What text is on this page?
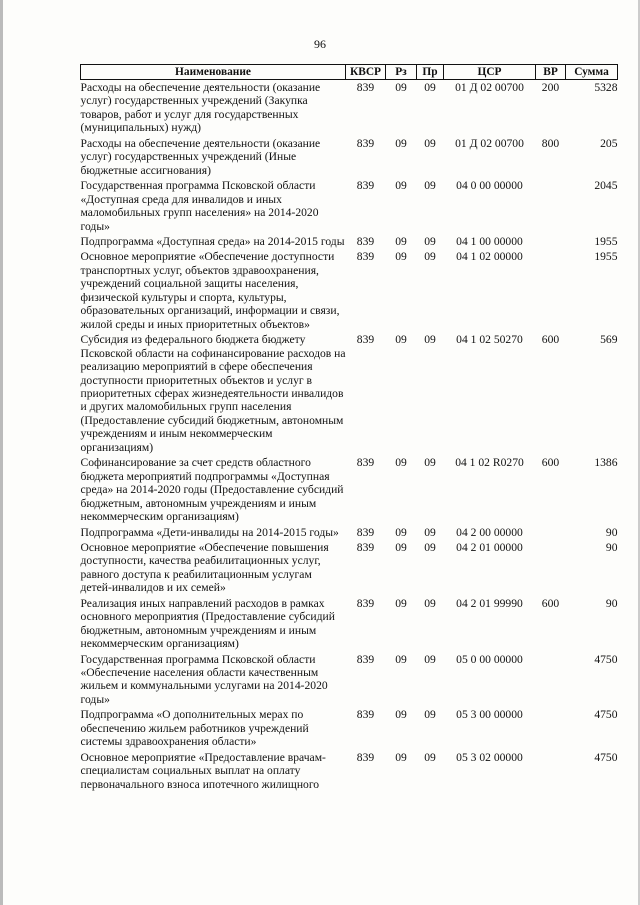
96
Наименование	КВСР	Рз	Пр	ЦСР	ВР	Сумма
Расходы на обеспечение деятельности (оказание услуг) государственных учреждений (Закупка товаров, работ и услуг для государственных (муниципальных) нужд)	839	09	09	01 Д 02 00700	200	5328
Расходы на обеспечение деятельности (оказание услуг) государственных учреждений (Иные бюджетные ассигнования)	839	09	09	01 Д 02 00700	800	205
Государственная программа Псковской области «Доступная среда для инвалидов и иных маломобильных групп населения» на 2014-2020 годы»	839	09	09	04 0 00 00000		2045
Подпрограмма «Доступная среда» на 2014-2015 годы	839	09	09	04 1 00 00000		1955
Основное мероприятие «Обеспечение доступности транспортных услуг, объектов здравоохранения, учреждений социальной защиты населения, физической культуры и спорта, культуры, образовательных организаций, информации и связи, жилой среды и иных приоритетных объектов»	839	09	09	04 1 02 00000		1955
Субсидия из федерального бюджета бюджету Псковской области на софинансирование расходов на реализацию мероприятий в сфере обеспечения доступности приоритетных объектов и услуг в приоритетных сферах жизнедеятельности инвалидов и других маломобильных групп населения (Предоставление субсидий бюджетным, автономным учреждениям и иным некоммерческим организациям)	839	09	09	04 1 02 50270	600	569
Софинансирование за счет средств областного бюджета мероприятий подпрограммы «Доступная среда» на 2014-2020 годы (Предоставление субсидий бюджетным, автономным учреждениям и иным некоммерческим организациям)	839	09	09	04 1 02 R0270	600	1386
Подпрограмма «Дети-инвалиды на 2014-2015 годы»	839	09	09	04 2 00 00000		90
Основное мероприятие «Обеспечение повышения доступности, качества реабилитационных услуг, равного доступа к реабилитационным услугам детей-инвалидов и их семей»	839	09	09	04 2 01 00000		90
Реализация иных направлений расходов в рамках основного мероприятия (Предоставление субсидий бюджетным, автономным учреждениям и иным некоммерческим организациям)	839	09	09	04 2 01 99990	600	90
Государственная программа Псковской области «Обеспечение населения области качественным жильем и коммунальными услугами на 2014-2020 годы»	839	09	09	05 0 00 00000		4750
Подпрограмма «О дополнительных мерах по обеспечению жильем работников учреждений системы здравоохранения области»	839	09	09	05 3 00 00000		4750
Основное мероприятие «Предоставление врачам-специалистам социальных выплат на оплату первоначального взноса ипотечного жилищного	839	09	09	05 3 02 00000		4750
